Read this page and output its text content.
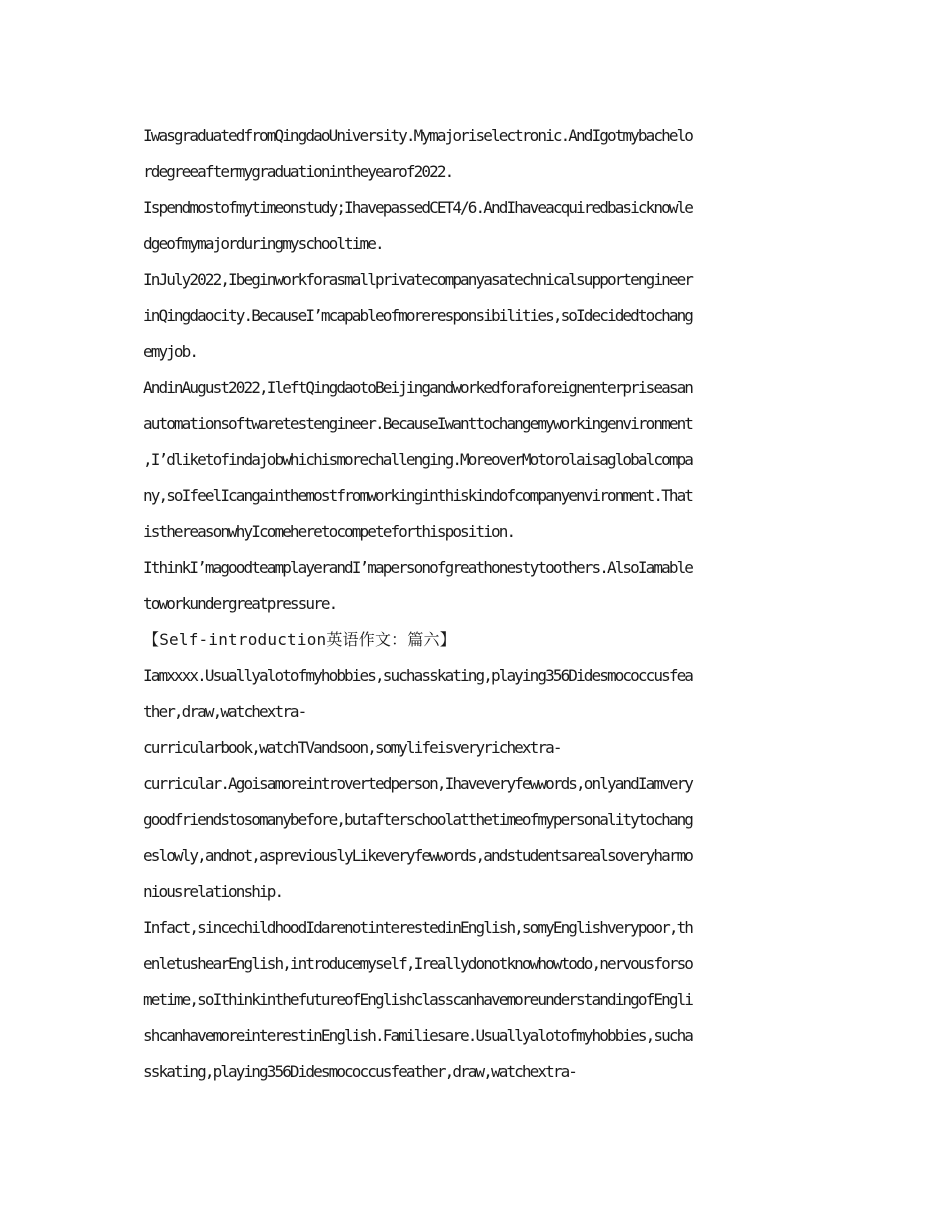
IwasgraduatedfromQingdaoUniversity.Mymajoriselectronic.AndIgotmybachelo
rdegreeaftermygraduationintheyearof2022.
Ispendmostofmytimeonstudy;IhavepassedCET4/6.AndIhaveacquiredbasicknowle
dgeofmymajorduringmyschooltime.
InJuly2022,Ibeginworkforasmallprivatecompanyasatechnicalsupportengineer
inQingdaocity.BecauseI’mcapableofmoreresponsibilities,soIdecidedtochang
emyjob.
AndinAugust2022,IleftQingdaotoBeijingandworkedforaforeignenterpriseasan
automationsoftwaretestengineer.BecauseIwanttochangemyworkingenvironment
,I’dliketofindajobwhichismorechallenging.MoreoverMotorolaisaglobalcompa
ny,soIfeelIcangainthemostfromworkinginthiskindofcompanyenvironment.That
isthereasonwhyIcomeheretocompeteforthisposition.
IthinkI’magoodteamplayerandI’mapersonofgreathonestytoothers.AlsoIamable
toworkundergreatpressure.
【Self-introduction英语作文：篇六】
Iamxxxx.Usuallyalotofmyhobbies,suchasskating,playing356Didesmococcusfea
ther,draw,watchextra-
curricularbook,watchTVandsoon,somylifeisveryrichextra-
curricular.Agoisamoreintrovertedperson,Ihaveveryfewwords,onlyandIamvery
goodfriendstosomanybefore,butafterschoolatthetimeofmypersonalitytochang
eslowly,andnot,aspreviouslyLikeveryfewwords,andstudentsarealsoveryharmo
niousrelationship.
Infact,sincechildhoodIdarenotinterestedinEnglish,somyEnglishverypoor,th
enletushearEnglish,introducemyself,Ireallydonotknowhowtodo,nervousforso
metime,soIthinkinthefutureofEnglishclasscanhavemoreunderstandingofEngli
shcanhavemoreinterestinEnglish.Familiesare.Usuallyalotofmyhobbies,sucha
sskating,playing356Didesmococcusfeather,draw,watchextra-
